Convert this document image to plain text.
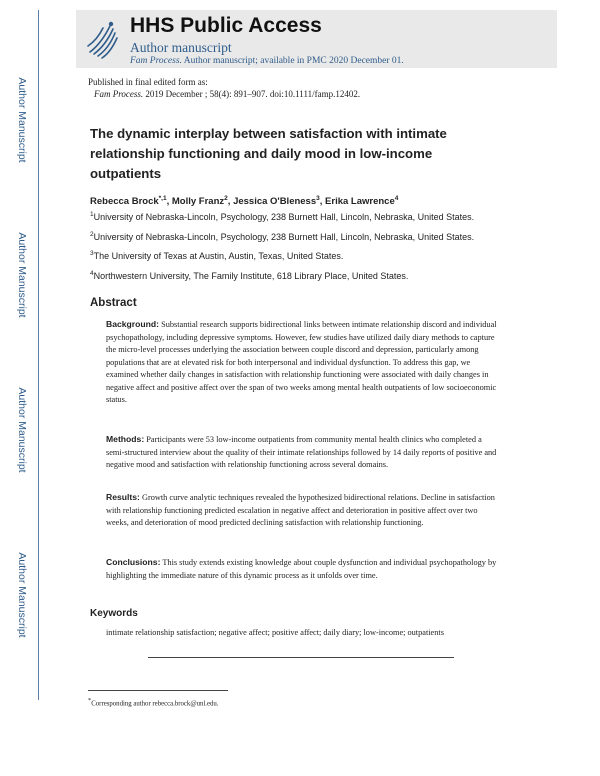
Author Manuscript
Author Manuscript
Author Manuscript
Author Manuscript
HHS Public Access
Author manuscript
Fam Process. Author manuscript; available in PMC 2020 December 01.
Published in final edited form as:
Fam Process. 2019 December ; 58(4): 891–907. doi:10.1111/famp.12402.
The dynamic interplay between satisfaction with intimate relationship functioning and daily mood in low-income outpatients
Rebecca Brock$^{*,1}$, Molly Franz$^2$, Jessica O'Bleness$^3$, Erika Lawrence$^4$
$^1$University of Nebraska-Lincoln, Psychology, 238 Burnett Hall, Lincoln, Nebraska, United States.
$^2$University of Nebraska-Lincoln, Psychology, 238 Burnett Hall, Lincoln, Nebraska, United States.
$^3$The University of Texas at Austin, Austin, Texas, United States.
$^4$Northwestern University, The Family Institute, 618 Library Place, United States.
Abstract
Background: Substantial research supports bidirectional links between intimate relationship discord and individual psychopathology, including depressive symptoms. However, few studies have utilized daily diary methods to capture the micro-level processes underlying the association between couple discord and depression, particularly among populations that are at elevated risk for both interpersonal and individual dysfunction. To address this gap, we examined whether daily changes in satisfaction with relationship functioning were associated with daily changes in negative affect and positive affect over the span of two weeks among mental health outpatients of low socioeconomic status.
Methods: Participants were 53 low-income outpatients from community mental health clinics who completed a semi-structured interview about the quality of their intimate relationships followed by 14 daily reports of positive and negative mood and satisfaction with relationship functioning across several domains.
Results: Growth curve analytic techniques revealed the hypothesized bidirectional relations. Decline in satisfaction with relationship functioning predicted escalation in negative affect and deterioration in positive affect over two weeks, and deterioration of mood predicted declining satisfaction with relationship functioning.
Conclusions: This study extends existing knowledge about couple dysfunction and individual psychopathology by highlighting the immediate nature of this dynamic process as it unfolds over time.
Keywords
intimate relationship satisfaction; negative affect; positive affect; daily diary; low-income; outpatients
*Corresponding author rebecca.brock@unl.edu.
